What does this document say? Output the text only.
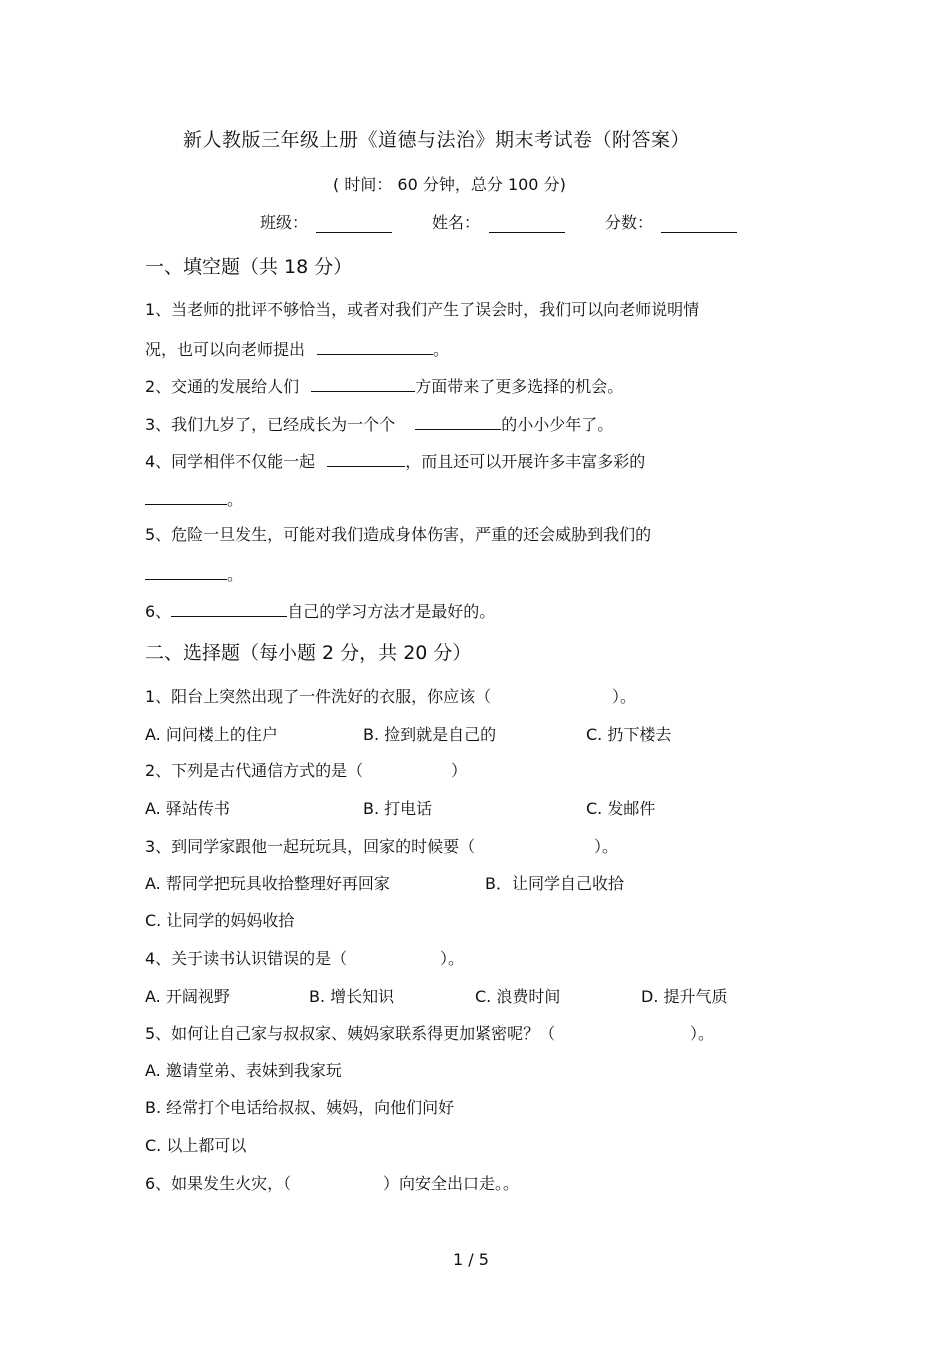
新人教版三年级上册《道德与法治》期末考试卷（附答案）
( 时间： 60 分钟，总分 100 分)
班级：	姓名：	分数：
一、填空题（共 18 分）
1、当老师的批评不够恰当，或者对我们产生了误会时，我们可以向老师说明情
况，也可以向老师提出	。
2、交通的发展给人们	方面带来了更多选择的机会。
3、我们九岁了，已经成长为一个个	的小小少年了。
4、同学相伴不仅能一起	，而且还可以开展许多丰富多彩的
。
5、危险一旦发生，可能对我们造成身体伤害，严重的还会威胁到我们的
。
6、	自己的学习方法才是最好的。
二、选择题（每小题 2 分，共 20 分）
1、阳台上突然出现了一件洗好的衣服，你应该（	）。
A. 问问楼上的住户	B. 捡到就是自己的	C. 扔下楼去
2、下列是古代通信方式的是（	）
A. 驿站传书	B. 打电话	C. 发邮件
3、到同学家跟他一起玩玩具，回家的时候要（	）。
A. 帮同学把玩具收拾整理好再回家	B．让同学自己收拾
C. 让同学的妈妈收拾
4、关于读书认识错误的是（	）。
A. 开阔视野	B. 增长知识	C. 浪费时间	D. 提升气质
5、如何让自己家与叔叔家、姨妈家联系得更加紧密呢？（	）。
A. 邀请堂弟、表妹到我家玩
B. 经常打个电话给叔叔、姨妈，向他们问好
C. 以上都可以
6、如果发生火灾，（	）向安全出口走。。
1 / 5
